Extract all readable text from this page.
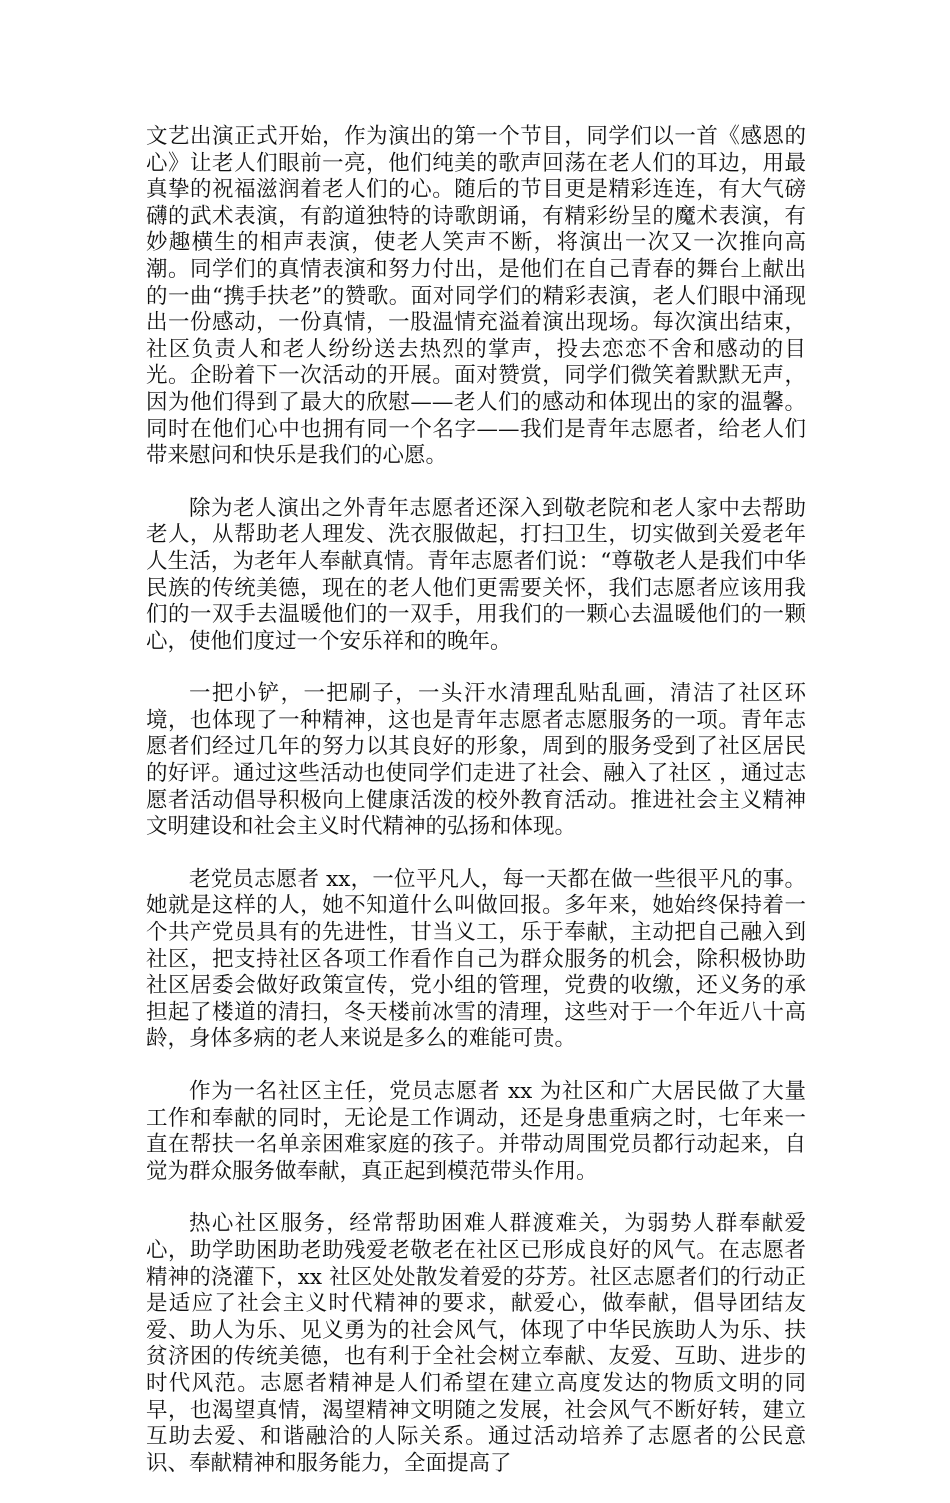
文艺出演正式开始，作为演出的第一个节目，同学们以一首《感恩的心》让老人们眼前一亮，他们纯美的歌声回荡在老人们的耳边，用最真挚的祝福滋润着老人们的心。随后的节目更是精彩连连，有大气磅礴的武术表演，有韵道独特的诗歌朗诵，有精彩纷呈的魔术表演，有妙趣横生的相声表演，使老人笑声不断，将演出一次又一次推向高潮。同学们的真情表演和努力付出，是他们在自己青春的舞台上献出的一曲“携手扶老”的赞歌。面对同学们的精彩表演，老人们眼中涌现出一份感动，一份真情，一股温情充溢着演出现场。每次演出结束，社区负责人和老人纷纷送去热烈的掌声，投去恋恋不舍和感动的目光。企盼着下一次活动的开展。面对赞赏，同学们微笑着默默无声，因为他们得到了最大的欣慰——老人们的感动和体现出的家的温馨。同时在他们心中也拥有同一个名字——我们是青年志愿者，给老人们带来慰问和快乐是我们的心愿。

除为老人演出之外青年志愿者还深入到敬老院和老人家中去帮助老人，从帮助老人理发、洗衣服做起，打扫卫生，切实做到关爱老年人生活，为老年人奉献真情。青年志愿者们说：“尊敬老人是我们中华民族的传统美德，现在的老人他们更需要关怀，我们志愿者应该用我们的一双手去温暖他们的一双手，用我们的一颗心去温暖他们的一颗心，使他们度过一个安乐祥和的晚年。

一把小铲，一把刷子，一头汗水清理乱贴乱画，清洁了社区环境，也体现了一种精神，这也是青年志愿者志愿服务的一项。青年志愿者们经过几年的努力以其良好的形象，周到的服务受到了社区居民的好评。通过这些活动也使同学们走进了社会、融入了社区 ，通过志愿者活动倡导积极向上健康活泼的校外教育活动。推进社会主义精神文明建设和社会主义时代精神的弘扬和体现。

老党员志愿者 xx，一位平凡人，每一天都在做一些很平凡的事。她就是这样的人，她不知道什么叫做回报。多年来，她始终保持着一个共产党员具有的先进性，甘当义工，乐于奉献，主动把自己融入到社区，把支持社区各项工作看作自己为群众服务的机会，除积极协助社区居委会做好政策宣传，党小组的管理，党费的收缴，还义务的承担起了楼道的清扫，冬天楼前冰雪的清理，这些对于一个年近八十高龄，身体多病的老人来说是多么的难能可贵。

作为一名社区主任，党员志愿者 xx 为社区和广大居民做了大量工作和奉献的同时，无论是工作调动，还是身患重病之时，七年来一直在帮扶一名单亲困难家庭的孩子。并带动周围党员都行动起来，自觉为群众服务做奉献，真正起到模范带头作用。

热心社区服务，经常帮助困难人群渡难关，为弱势人群奉献爱心，助学助困助老助残爱老敬老在社区已形成良好的风气。在志愿者精神的浇灌下，xx 社区处处散发着爱的芬芳。社区志愿者们的行动正是适应了社会主义时代精神的要求，献爱心，做奉献，倡导团结友爱、助人为乐、见义勇为的社会风气，体现了中华民族助人为乐、扶贫济困的传统美德，也有利于全社会树立奉献、友爱、互助、进步的时代风范。志愿者精神是人们希望在建立高度发达的物质文明的同早，也渴望真情，渴望精神文明随之发展，社会风气不断好转，建立互助去爱、和谐融洽的人际关系。通过活动培养了志愿者的公民意识、奉献精神和服务能力，全面提高了
